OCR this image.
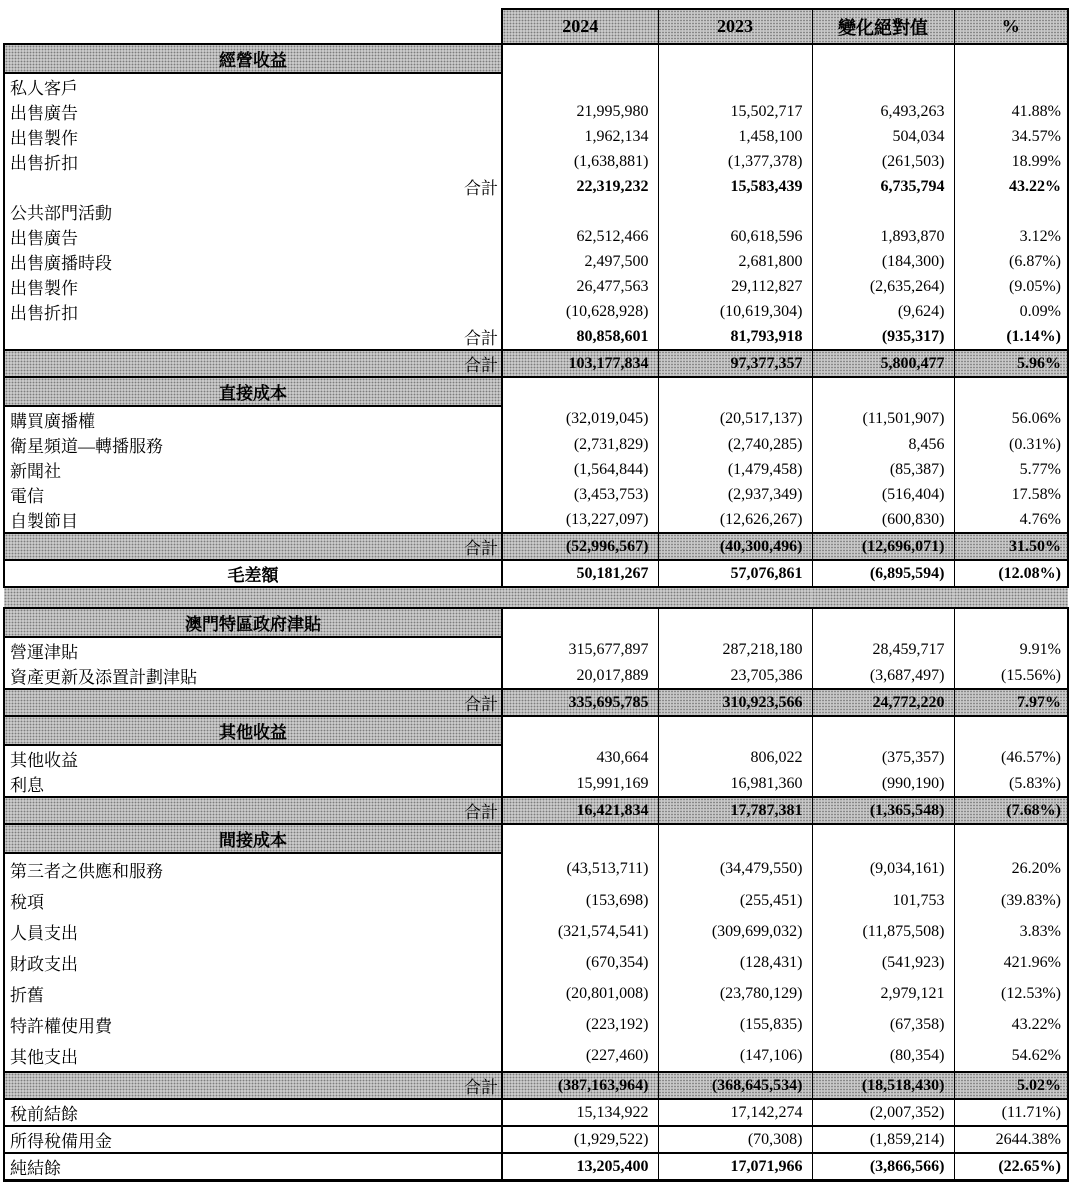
	2024	2023	變化絕對值	%
經營收益				
私人客戶				
出售廣告	21,995,980	15,502,717	6,493,263	41.88%
出售製作	1,962,134	1,458,100	504,034	34.57%
出售折扣	(1,638,881)	(1,377,378)	(261,503)	18.99%
合計	22,319,232	15,583,439	6,735,794	43.22%
公共部門活動				
出售廣告	62,512,466	60,618,596	1,893,870	3.12%
出售廣播時段	2,497,500	2,681,800	(184,300)	(6.87%)
出售製作	26,477,563	29,112,827	(2,635,264)	(9.05%)
出售折扣	(10,628,928)	(10,619,304)	(9,624)	0.09%
合計	80,858,601	81,793,918	(935,317)	(1.14%)
合計	103,177,834	97,377,357	5,800,477	5.96%
直接成本				
購買廣播權	(32,019,045)	(20,517,137)	(11,501,907)	56.06%
衛星頻道—轉播服務	(2,731,829)	(2,740,285)	8,456	(0.31%)
新聞社	(1,564,844)	(1,479,458)	(85,387)	5.77%
電信	(3,453,753)	(2,937,349)	(516,404)	17.58%
自製節目	(13,227,097)	(12,626,267)	(600,830)	4.76%
合計	(52,996,567)	(40,300,496)	(12,696,071)	31.50%
毛差額	50,181,267	57,076,861	(6,895,594)	(12.08%)

澳門特區政府津貼				
營運津貼	315,677,897	287,218,180	28,459,717	9.91%
資產更新及添置計劃津貼	20,017,889	23,705,386	(3,687,497)	(15.56%)
合計	335,695,785	310,923,566	24,772,220	7.97%
其他收益				
其他收益	430,664	806,022	(375,357)	(46.57%)
利息	15,991,169	16,981,360	(990,190)	(5.83%)
合計	16,421,834	17,787,381	(1,365,548)	(7.68%)
間接成本				
第三者之供應和服務	(43,513,711)	(34,479,550)	(9,034,161)	26.20%
稅項	(153,698)	(255,451)	101,753	(39.83%)
人員支出	(321,574,541)	(309,699,032)	(11,875,508)	3.83%
財政支出	(670,354)	(128,431)	(541,923)	421.96%
折舊	(20,801,008)	(23,780,129)	2,979,121	(12.53%)
特許權使用費	(223,192)	(155,835)	(67,358)	43.22%
其他支出	(227,460)	(147,106)	(80,354)	54.62%
合計	(387,163,964)	(368,645,534)	(18,518,430)	5.02%
稅前結餘	15,134,922	17,142,274	(2,007,352)	(11.71%)
所得稅備用金	(1,929,522)	(70,308)	(1,859,214)	2644.38%
純結餘	13,205,400	17,071,966	(3,866,566)	(22.65%)
